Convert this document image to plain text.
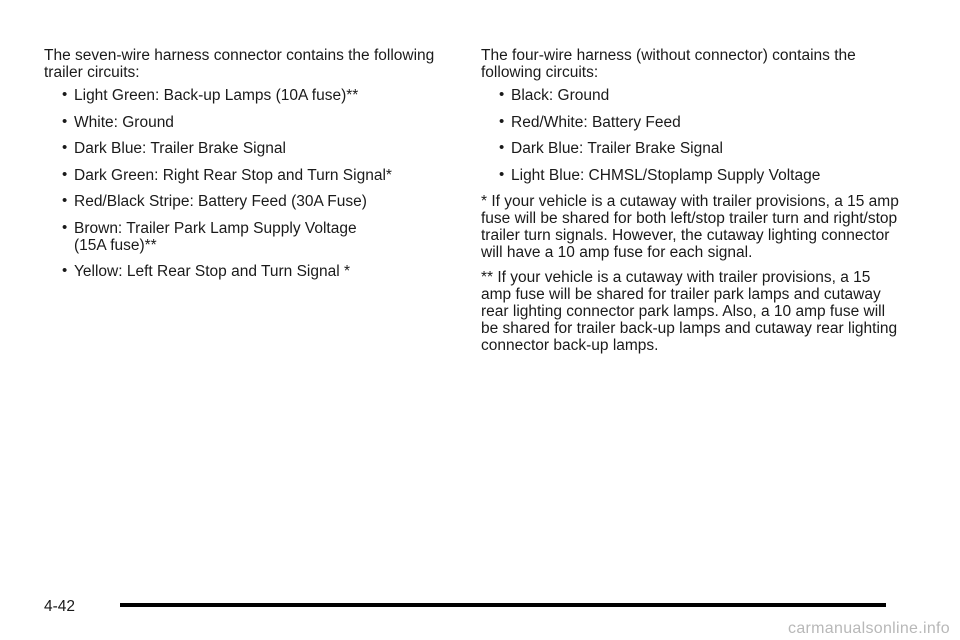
The seven-wire harness connector contains the following trailer circuits:

• Light Green: Back-up Lamps (10A fuse)**
• White: Ground
• Dark Blue: Trailer Brake Signal
• Dark Green: Right Rear Stop and Turn Signal*
• Red/Black Stripe: Battery Feed (30A Fuse)
• Brown: Trailer Park Lamp Supply Voltage (15A fuse)**
• Yellow: Left Rear Stop and Turn Signal *

The four-wire harness (without connector) contains the following circuits:

• Black: Ground
• Red/White: Battery Feed
• Dark Blue: Trailer Brake Signal
• Light Blue: CHMSL/Stoplamp Supply Voltage

* If your vehicle is a cutaway with trailer provisions, a 15 amp fuse will be shared for both left/stop trailer turn and right/stop trailer turn signals. However, the cutaway lighting connector will have a 10 amp fuse for each signal.

** If your vehicle is a cutaway with trailer provisions, a 15 amp fuse will be shared for trailer park lamps and cutaway rear lighting connector park lamps. Also, a 10 amp fuse will be shared for trailer back-up lamps and cutaway rear lighting connector back-up lamps.

4-42
carmanualsonline.info
